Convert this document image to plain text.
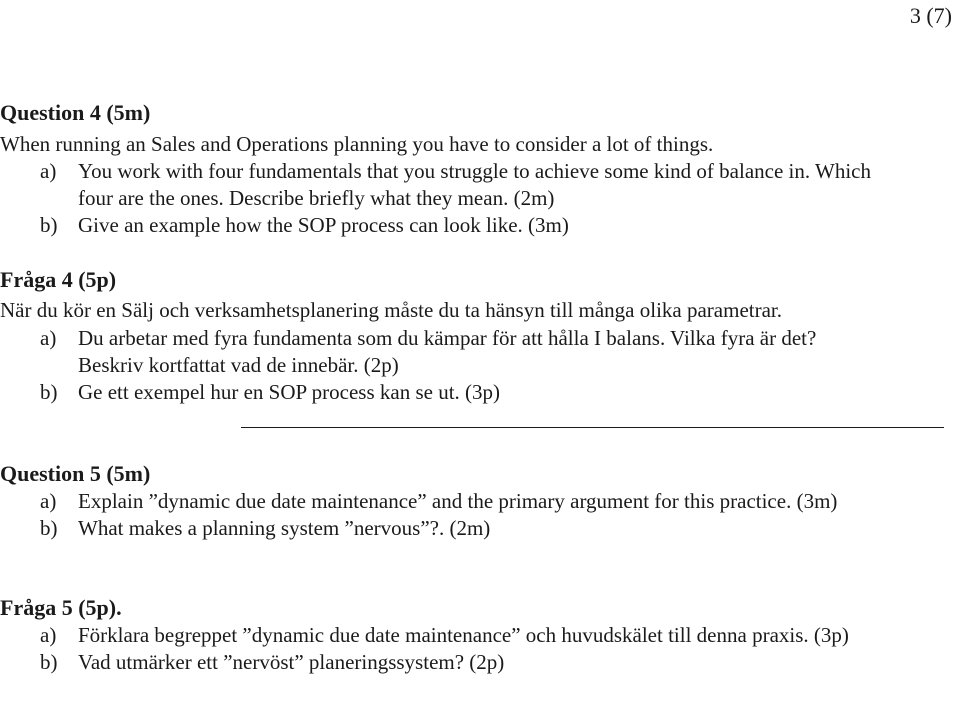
3 (7)
Question 4 (5m)
When running an Sales and Operations planning you have to consider a lot of things.
a) You work with four fundamentals that you struggle to achieve some kind of balance in. Which
four are the ones. Describe briefly what they mean. (2m)
b) Give an example how the SOP process can look like. (3m)
Fråga 4 (5p)
När du kör en Sälj och verksamhetsplanering måste du ta hänsyn till många olika parametrar.
a) Du arbetar med fyra fundamenta som du kämpar för att hålla I balans. Vilka fyra är det?
Beskriv kortfattat vad de innebär. (2p)
b) Ge ett exempel hur en SOP process kan se ut. (3p)
Question 5 (5m)
a) Explain ”dynamic due date maintenance” and the primary argument for this practice. (3m)
b) What makes a planning system ”nervous”?. (2m)
Fråga 5 (5p).
a) Förklara begreppet ”dynamic due date maintenance” och huvudskälet till denna praxis. (3p)
b) Vad utmärker ett ”nervöst” planeringssystem? (2p)
